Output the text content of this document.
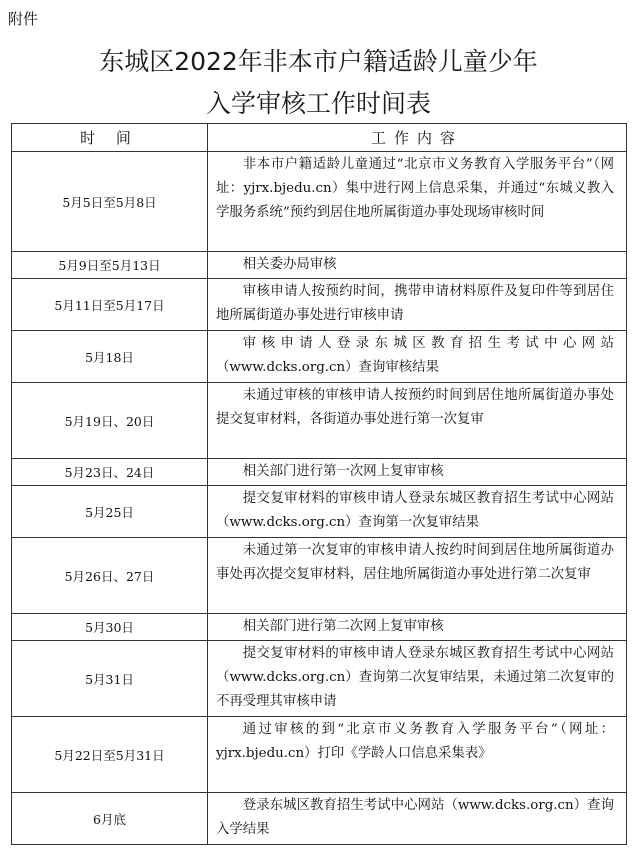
附件
东城区2022年非本市户籍适龄儿童少年
入学审核工作时间表
时 间	工作内容
5月5日至5月8日	非本市户籍适龄儿童通过“北京市义务教育入学服务平台”（网址：yjrx.bjedu.cn）集中进行网上信息采集，并通过“东城义教入学服务系统”预约到居住地所属街道办事处现场审核时间
5月9日至5月13日	相关委办局审核
5月11日至5月17日	审核申请人按预约时间，携带申请材料原件及复印件等到居住地所属街道办事处进行审核申请
5月18日	审核申请人登录东城区教育招生考试中心网站（www.dcks.org.cn）查询审核结果
5月19日、20日	未通过审核的审核申请人按预约时间到居住地所属街道办事处提交复审材料，各街道办事处进行第一次复审
5月23日、24日	相关部门进行第一次网上复审审核
5月25日	提交复审材料的审核申请人登录东城区教育招生考试中心网站（www.dcks.org.cn）查询第一次复审结果
5月26日、27日	未通过第一次复审的审核申请人按约时间到居住地所属街道办事处再次提交复审材料，居住地所属街道办事处进行第二次复审
5月30日	相关部门进行第二次网上复审审核
5月31日	提交复审材料的审核申请人登录东城区教育招生考试中心网站（www.dcks.org.cn）查询第二次复审结果，未通过第二次复审的不再受理其审核申请
5月22日至5月31日	通过审核的到“北京市义务教育入学服务平台”（网址：yjrx.bjedu.cn）打印《学龄人口信息采集表》
6月底	登录东城区教育招生考试中心网站（www.dcks.org.cn）查询入学结果
